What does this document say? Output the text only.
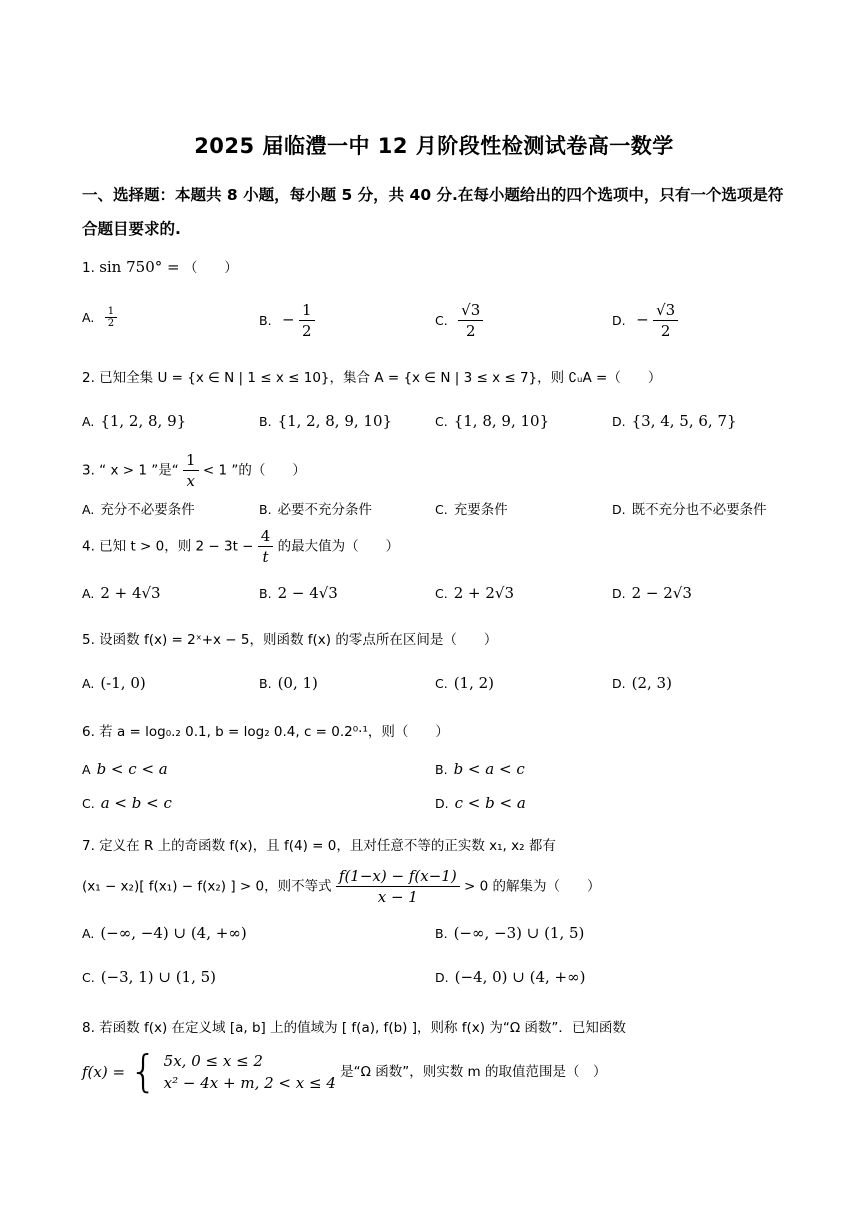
2025 届临澧一中 12 月阶段性检测试卷高一数学
一、选择题：本题共 8 小题，每小题 5 分，共 40 分.在每小题给出的四个选项中，只有一个选项是符合题目要求的.
1. sin 750° = （　　）
A. $\frac{1}{2}$	B. − $\frac{1}{2}$	C. $\frac{√3}{2}$	D. − $\frac{√3}{2}$
2. 已知全集 U = {x ∈ N | 1 ≤ x ≤ 10}，集合 A = {x ∈ N | 3 ≤ x ≤ 7}，则 ∁ᵤA =（　　）
A. {1, 2, 8, 9}	B. {1, 2, 8, 9, 10}	C. {1, 8, 9, 10}	D. {3, 4, 5, 6, 7}
3. “ x > 1 ”是“ $\frac{1}{x} < 1$ ”的（　　）
A. 充分不必要条件	B. 必要不充分条件	C. 充要条件	D. 既不充分也不必要条件
4. 已知 t > 0，则 $2 - 3t - \frac{4}{t}$ 的最大值为（　　）
A. 2 + 4√3	B. 2 − 4√3	C. 2 + 2√3	D. 2 − 2√3
5. 设函数 f(x) = 2ˣ+x − 5，则函数 f(x) 的零点所在区间是（　　）
A. (-1, 0)	B. (0, 1)	C. (1, 2)	D. (2, 3)
6. 若 a = log₀.₂ 0.1, b = log₂ 0.4, c = 0.2⁰·¹，则（　　）
A b < c < a	B. b < a < c
C. a < b < c	D. c < b < a
7. 定义在 R 上的奇函数 f(x)，且 f(4) = 0，且对任意不等的正实数 x₁, x₂ 都有
(x₁ − x₂)[ f(x₁) − f(x₂) ] > 0，则不等式 $\frac{f(1-x) - f(x-1)}{x - 1} > 0$ 的解集为（　　）
A. (−∞, −4) ∪ (4, +∞)	B. (−∞, −3) ∪ (1, 5)
C. (−3, 1) ∪ (1, 5)	D. (−4, 0) ∪ (4, +∞)
8. 若函数 f(x) 在定义域 [a, b] 上的值域为 [ f(a), f(b) ]，则称 f(x) 为“Ω 函数”．已知函数
f(x) = { 5x, 0 ≤ x ≤ 2
x² − 4x + m, 2 < x ≤ 4
是“Ω 函数”，则实数 m 的取值范围是（　）
